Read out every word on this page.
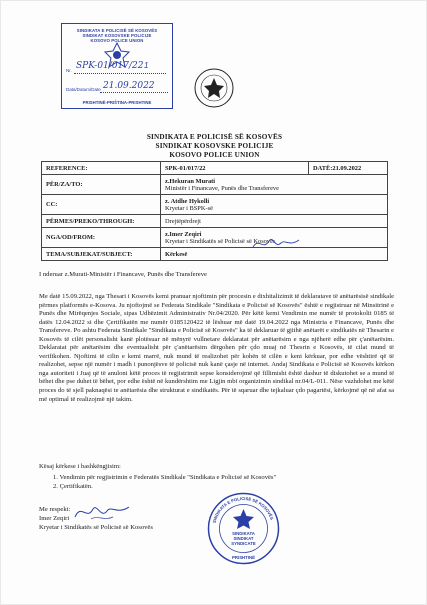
SINDIKATA E POLICISË SË KOSOVËS
SINDIKAT KOSOVSKE POLICIJE
KOSOVO POLICE UNION
Nr. SPK-01/017/22 1
Data/Datum/Date 21.09.2022
PRISHTINË-PRIŠTINA-PRISHTINE
SINDIKATA E POLICISË SË KOSOVËS
SINDIKAT KOSOVSKE POLICIJE
KOSOVO POLICE UNION
REFERENCE:	SPK-01/017/22	DATË:21.09.2022
PËR/ZA/TO:	z.Hekuran Murati
Ministër i Financave, Punës dhe Transfereve	

CC:	z. Atdhe Hykolli
Kryetar i BSPK-së	

PËRMES/PREKO/THROUGH:	Drejtëpërdrejt	
NGA/OD/FROM:	z.Imer Zeqiri
Kryetar i Sindikatës së Policisë së Kosovës	

TEMA/SUBJEKAT/SUBJECT:	Kërkesë	
I nderuar z.Murati-Ministër i Financave, Punës dhe Transfereve
Me datë 15.09.2022, nga Thesari i Kosovës kemi pranuar njoftimin për procesin e dixhitalizimit të deklaratave të anëtarësisë sindikale përmes platformës e-Kosova. Ju njoftojmë se Federata Sindikale "Sindikata e Policisë së Kosovës" është e regjistruar në Minsitrinë e Punës dhe Mirëqenjes Sociale, sipas Udhëzimit Administrativ Nr.04/2020. Për këtë kemi Vendimin me numër të protokolit 0185 të datës 12.04.2022 si dhe Çertifikatën me numër 0185120422 të lëshuar më datë 19.04.2022 nga Ministria e Financave, Punës dhe Transfereve. Po ashtu Federata Sindikale "Sindikata e Policisë së Kosovës" ka të deklaruar të gjithë anëtarët e sindikatës në Thesarin e Kosovës të cilët personalisht kanë plotësuar në mënyrë vullnetare deklaratat për anëtarësim e nga njëherë edhe për ç'anëtarësim. Deklaratat për anëtarësim dhe eventualisht për ç'anëtarësim dërgohen për çdo muaj në Thesrin e Kosovës, të cilat mund të verifikohen. Njoftimi të cilin e kemi marrë, nuk mund të realizohet për kohën të cilën e keni kërkuar, por edhe vështirë që të realizohet, sepse një numër i madh i punonjësve të policisë nuk kanë çasje në internet. Andaj Sindikata e Policisë së Kosovës kërkon nga autoriteti i Juaj që të anuloni këtë proces të regjistrimit sepse konsiderojmë që fillimisht është dashur të diskutohet se a mund të bëhet dhe pse duhet të bëhet, por edhe është në kundërshtim me Ligjin mbi organizimin sindikal nr.04/L-011. Nëse vazhdohet me këtë proces do të sjell paknaqësi te anëtarësia dhe strukturat e sindikatës. Për të sqaruar dhe tejkaluar çdo pagartësi, kërkojmë që në afat sa më optimal të realizojmë një takim.
Kësaj kërkese i bashkëngjisim:
1. Vendimin për regjistrimin e Federatës Sindikale "Sindikata e Policisë së Kosovës"
2. Çertifikatën.
Me respekt:
Imer Zeqiri
Kryetar i Sindikatës së Policisë së Kosovës
SINDIKATA E POLICISË SË KOSOVËS
SINDIKATA
SINDIKAT
SYNDICATE
PRISHTINË
